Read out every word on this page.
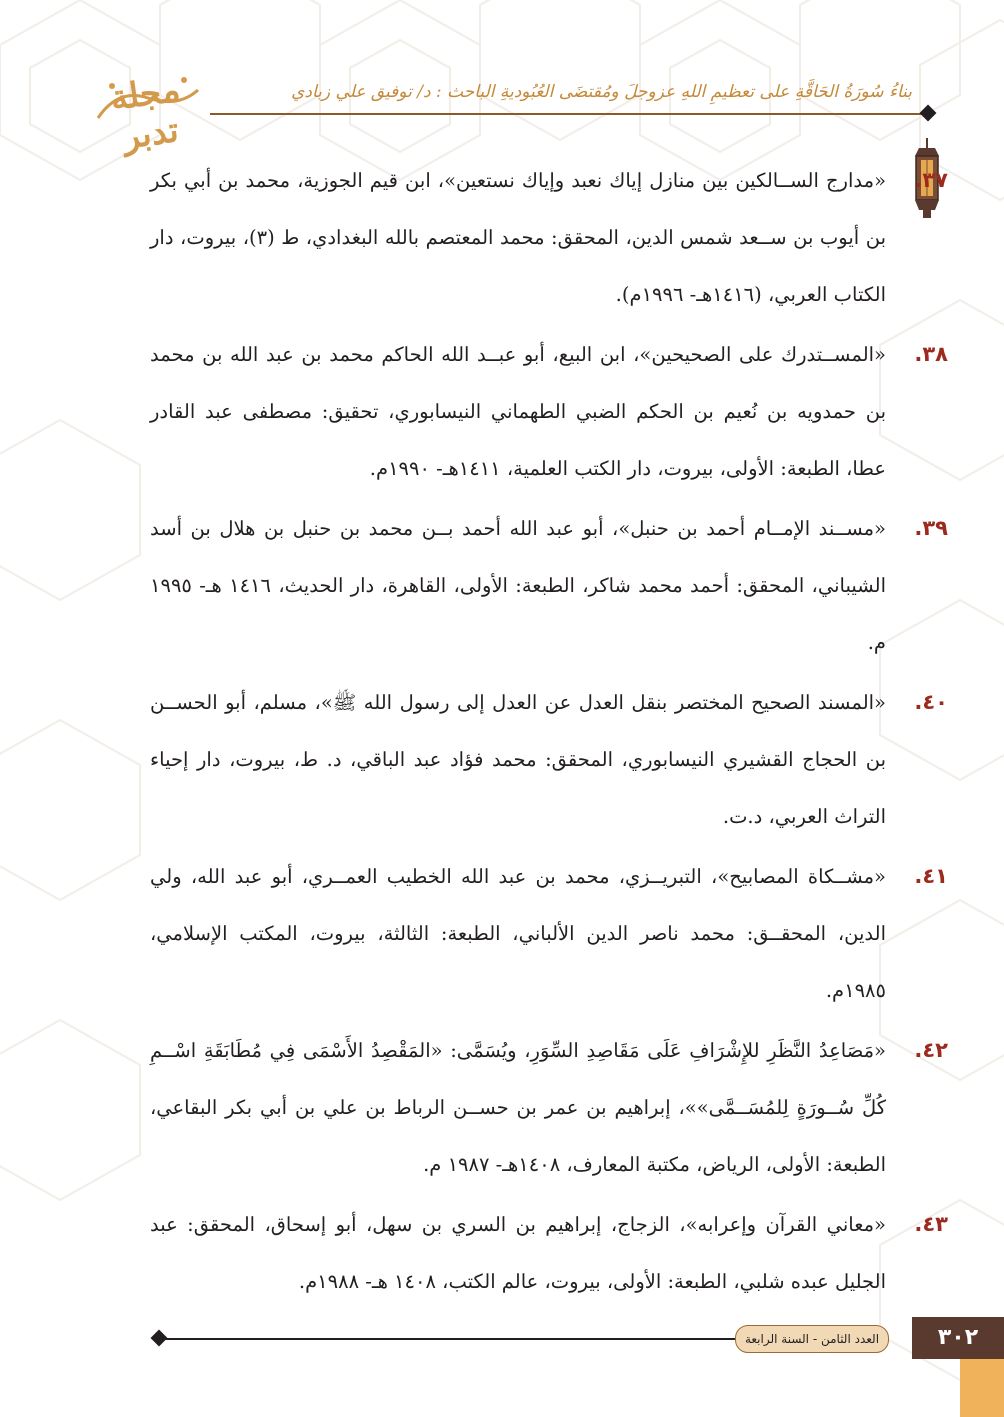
مجلة تدبر
بناءُ سُورَةُ الحَاقَّةِ على تعظيمِ اللهِ عزوجلَ ومُقتضَى العُبُوديةِ الباحث : د/ توفيق علي زبادي
٣٧.
«مدارج الســالكين بين منازل إياك نعبد وإياك نستعين»، ابن قيم الجوزية، محمد بن أبي بكر بن أيوب بن ســعد شمس الدين، المحقق: محمد المعتصم بالله البغدادي، ط (٣)، بيروت، دار الكتاب العربي، (١٤١٦هـ- ١٩٩٦م).
٣٨.
«المســتدرك على الصحيحين»، ابن البيع، أبو عبــد الله الحاكم محمد بن عبد الله بن محمد بن حمدويه بن نُعيم بن الحكم الضبي الطهماني النيسابوري، تحقيق: مصطفى عبد القادر عطا، الطبعة: الأولى، بيروت، دار الكتب العلمية، ١٤١١هـ- ١٩٩٠م.
٣٩.
«مســند الإمــام أحمد بن حنبل»، أبو عبد الله أحمد بــن محمد بن حنبل بن هلال بن أسد الشيباني، المحقق: أحمد محمد شاكر، الطبعة: الأولى، القاهرة، دار الحديث، ١٤١٦ هـ- ١٩٩٥ م.
٤٠.
«المسند الصحيح المختصر بنقل العدل عن العدل إلى رسول الله ﷺ»، مسلم، أبو الحســن بن الحجاج القشيري النيسابوري، المحقق: محمد فؤاد عبد الباقي، د. ط، بيروت، دار إحياء التراث العربي، د.ت.
٤١.
«مشــكاة المصابيح»، التبريــزي، محمد بن عبد الله الخطيب العمــري، أبو عبد الله، ولي الدين، المحقــق: محمد ناصر الدين الألباني، الطبعة: الثالثة، بيروت، المكتب الإسلامي، ١٩٨٥م.
٤٢.
«مَصَاعِدُ النَّظَرِ للإِشْرَافِ عَلَى مَقَاصِدِ السِّوَرِ، ويُسَمَّى: «المَقْصِدُ الأَسْمَى فِي مُطَابَقَةِ اسْــمِ كُلِّ سُــورَةٍ لِلمُسَــمَّى»»، إبراهيم بن عمر بن حســن الرباط بن علي بن أبي بكر البقاعي، الطبعة: الأولى، الرياض، مكتبة المعارف، ١٤٠٨هـ- ١٩٨٧ م.
٤٣.
«معاني القرآن وإعرابه»، الزجاج، إبراهيم بن السري بن سهل، أبو إسحاق، المحقق: عبد الجليل عبده شلبي، الطبعة: الأولى، بيروت، عالم الكتب، ١٤٠٨ هـ- ١٩٨٨م.
العدد الثامن - السنة الرابعة	٣٠٢
